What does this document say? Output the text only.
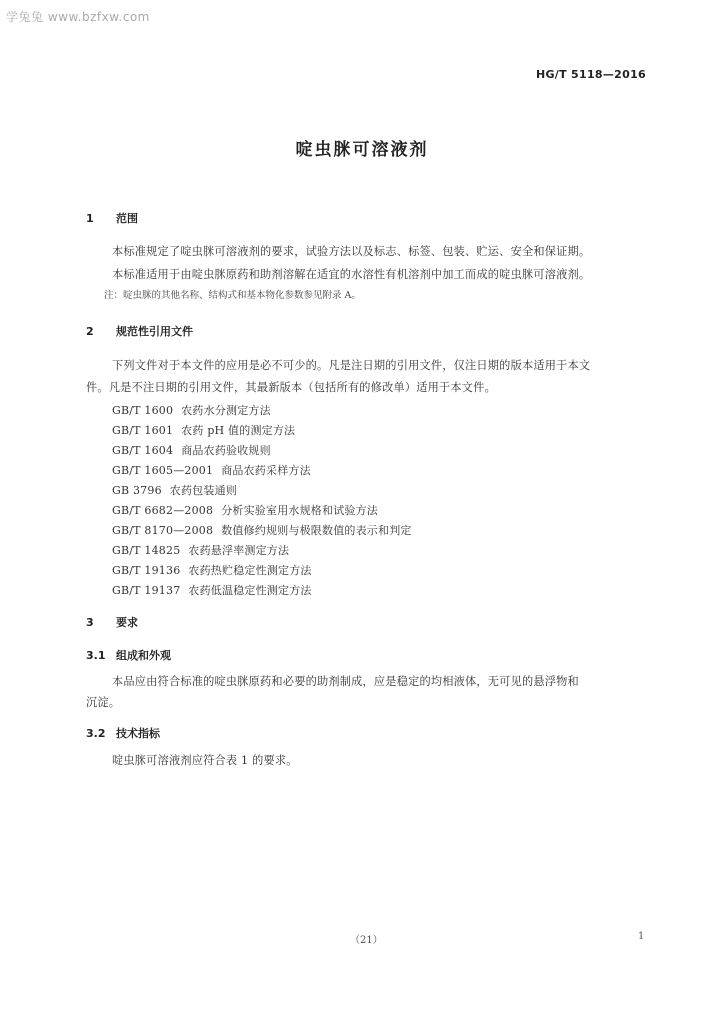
学兔兔 www.bzfxw.com
HG/T 5118—2016
啶虫脒可溶液剂
1 范围
本标准规定了啶虫脒可溶液剂的要求，试验方法以及标志、标签、包装、贮运、安全和保证期。
本标准适用于由啶虫脒原药和助剂溶解在适宜的水溶性有机溶剂中加工而成的啶虫脒可溶液剂。
注：啶虫脒的其他名称、结构式和基本物化参数参见附录 A。
2 规范性引用文件
下列文件对于本文件的应用是必不可少的。凡是注日期的引用文件，仅注日期的版本适用于本文
件。凡是不注日期的引用文件，其最新版本（包括所有的修改单）适用于本文件。
GB/T 1600 农药水分测定方法
GB/T 1601 农药 pH 值的测定方法
GB/T 1604 商品农药验收规则
GB/T 1605—2001 商品农药采样方法
GB 3796 农药包装通则
GB/T 6682—2008 分析实验室用水规格和试验方法
GB/T 8170—2008 数值修约规则与极限数值的表示和判定
GB/T 14825 农药悬浮率测定方法
GB/T 19136 农药热贮稳定性测定方法
GB/T 19137 农药低温稳定性测定方法
3 要求
3.1 组成和外观
本品应由符合标准的啶虫脒原药和必要的助剂制成，应是稳定的均相液体，无可见的悬浮物和
沉淀。
3.2 技术指标
啶虫脒可溶液剂应符合表 1 的要求。
（21）	1
